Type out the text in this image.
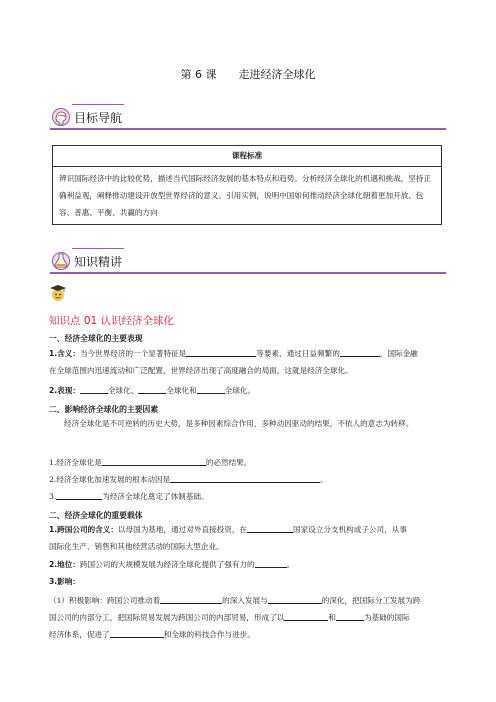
第 6 课 走进经济全球化
目标导航
课程标准
辨识国际经济中的比较优势，描述当代国际经济发展的基本特点和趋势。分析经济全球化的机遇和挑战，坚持正确利益观，阐释推动建设开放型世界经济的意义。引用实例，说明中国如何推动经济全球化朝着更加开放、包容、普惠、平衡、共赢的方向
知识精讲
知识点 01 认识经济全球化
一、经济全球化的主要表现
1.含义：当今世界经济的一个显著特征是	等要素，通过日益频繁的	，国际金融
在全球范围内迅速流动和广泛配置，世界经济出现了高度融合的局面，这就是经济全球化。
2.表现：	全球化、	全球化和	全球化。
二、影响经济全球化的主要因素
经济全球化是不可逆转的历史大势，是多种因素综合作用，多种动因驱动的结果，不依人的意志为转移。
1.经济全球化是	的必然结果。
2.经济全球化加速发展的根本动因是	。
3.	为经济全球化奠定了体制基础。
二、经济全球化的重要载体
1.跨国公司的含义：以母国为基地，通过对外直接投资，在	国家设立分支机构或子公司，从事
国际化生产、销售和其他经营活动的国际大型企业。
2.地位：跨国公司的大规模发展为经济全球化提供了强有力的	。
3.影响：
（1）积极影响：跨国公司推动着	的深入发展与	的深化，把国际分工发展为跨
国公司的内部分工，把国际贸易发展为跨国公司的内部贸易，形成了以	和	为基础的国际
经济体系，促进了	和全球的科技合作与进步。
